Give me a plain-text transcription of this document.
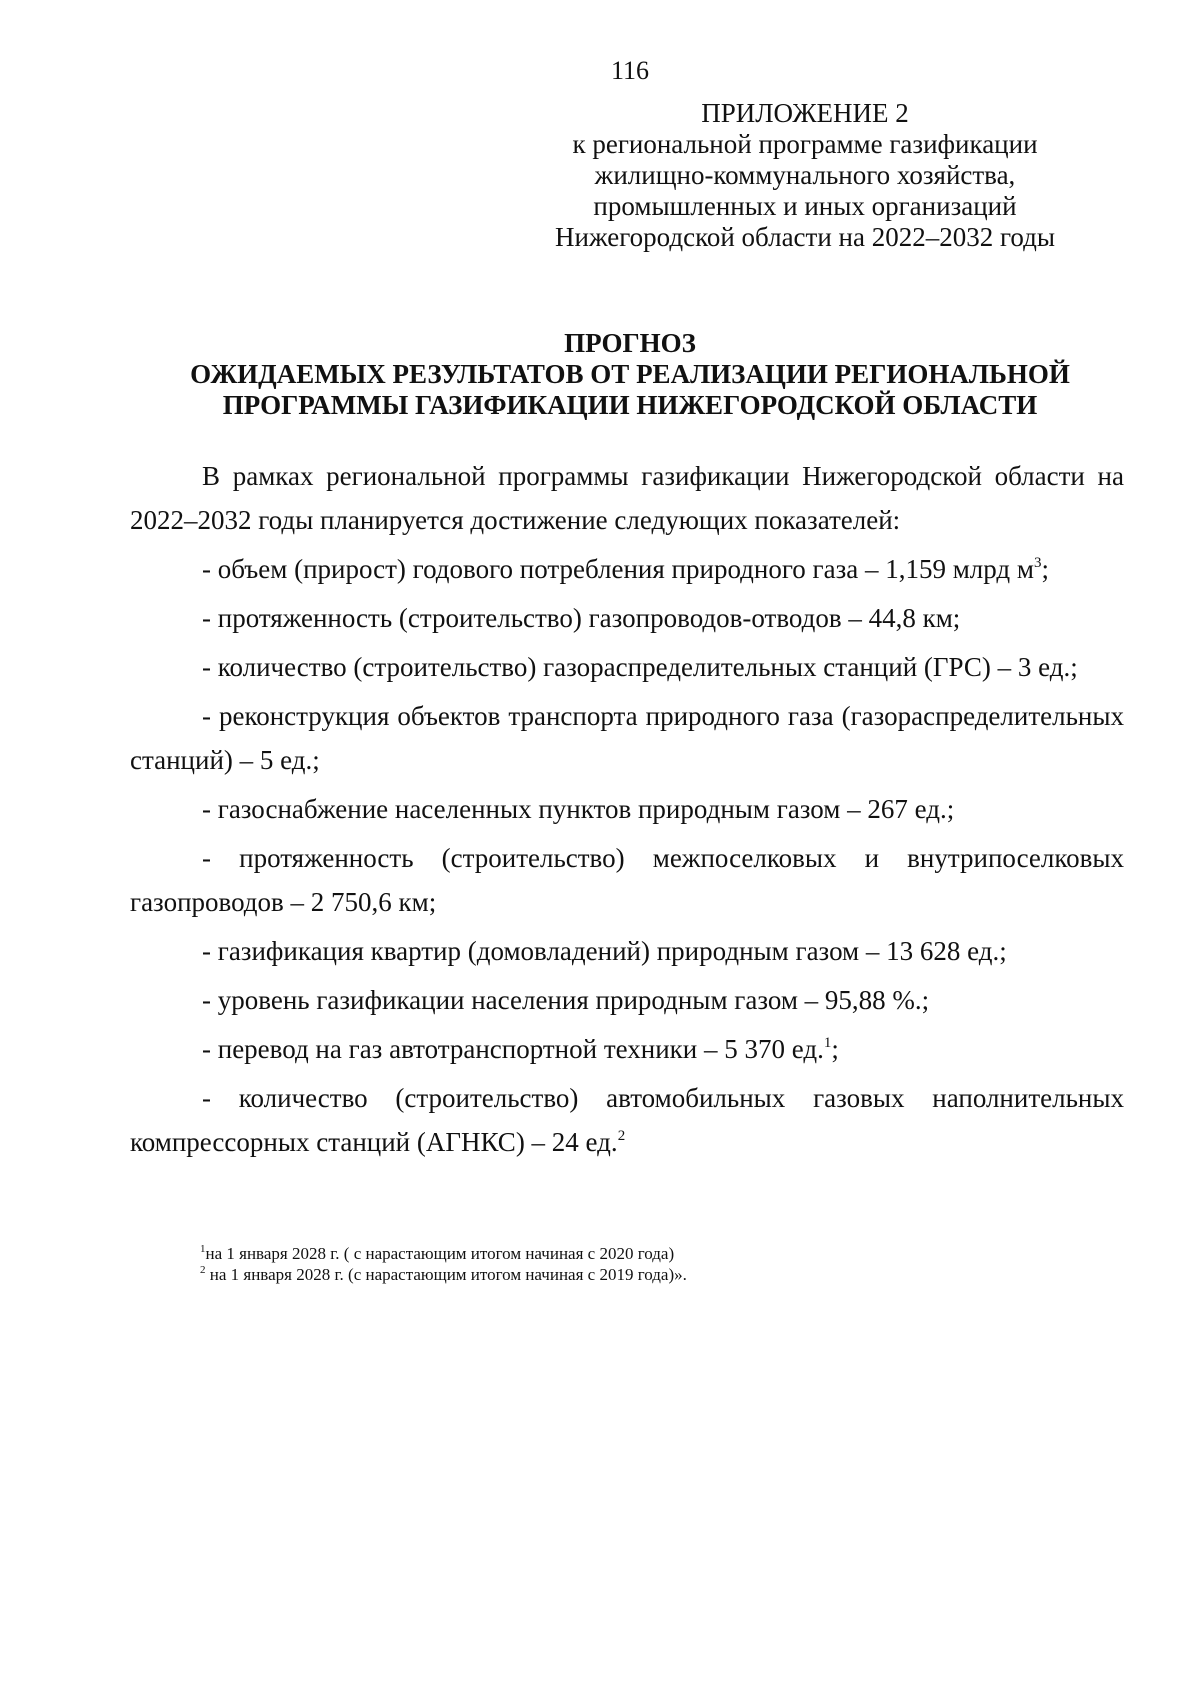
116
ПРИЛОЖЕНИЕ 2
к региональной программе газификации
жилищно-коммунального хозяйства,
промышленных и иных организаций
Нижегородской области на 2022–2032 годы
ПРОГНОЗ
ОЖИДАЕМЫХ РЕЗУЛЬТАТОВ ОТ РЕАЛИЗАЦИИ РЕГИОНАЛЬНОЙ
ПРОГРАММЫ ГАЗИФИКАЦИИ НИЖЕГОРОДСКОЙ ОБЛАСТИ

В рамках региональной программы газификации Нижегородской области на 2022–2032 годы планируется достижение следующих показателей:

- объем (прирост) годового потребления природного газа – 1,159 млрд $м^3$;

- протяженность (строительство) газопроводов-отводов – 44,8 км;

- количество (строительство) газораспределительных станций (ГРС) – 3 ед.;

- реконструкция объектов транспорта природного газа (газораспределительных станций) – 5 ед.;

- газоснабжение населенных пунктов природным газом – 267 ед.;

- протяженность (строительство) межпоселковых и внутрипоселковых газопроводов – 2 750,6 км;

- газификация квартир (домовладений) природным газом – 13 628 ед.;

- уровень газификации населения природным газом – 95,88 %.;

- перевод на газ автотранспортной техники – 5 370 ед.$^1$;

- количество (строительство) автомобильных газовых наполнительных компрессорных станций (АГНКС) – 24 ед.$^2$

$^1$на 1 января 2028 г. ( с нарастающим итогом начиная с 2020 года)
$^2$ на 1 января 2028 г. (с нарастающим итогом начиная с 2019 года)».
